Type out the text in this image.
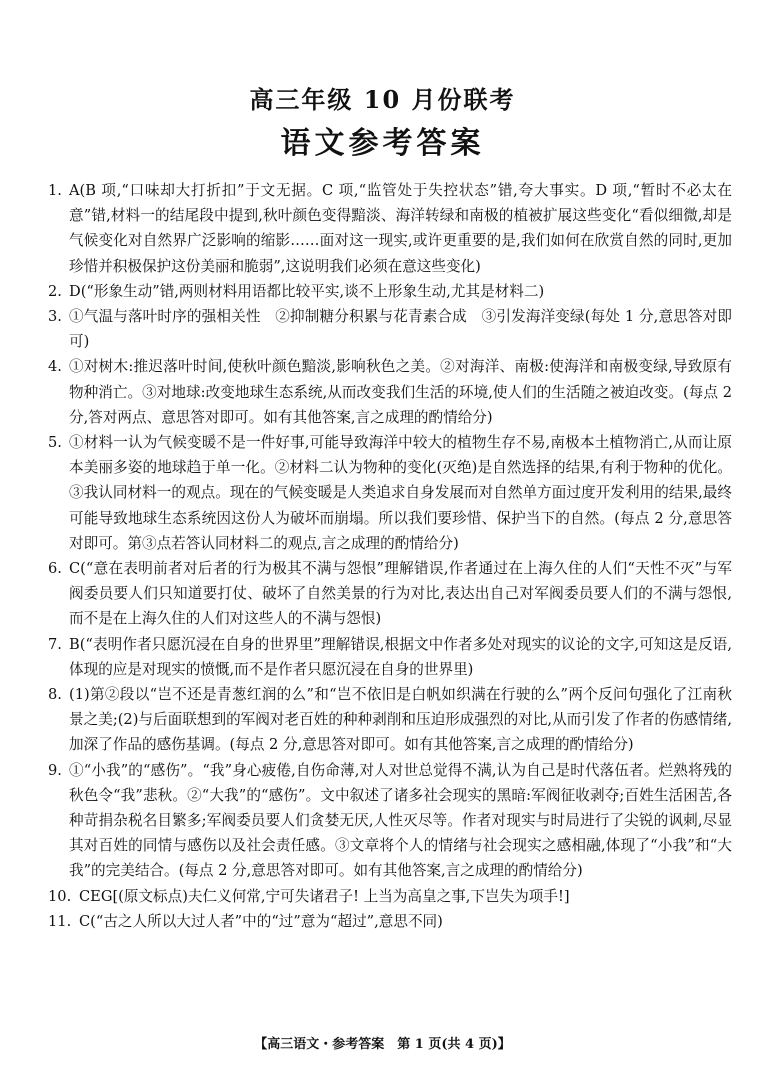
高三年级 10 月份联考
语文参考答案
1. A(B 项,“口味却大打折扣”于文无据。C 项,“监管处于失控状态”错,夸大事实。D 项,“暂时不必太在意”错,材料一的结尾段中提到,秋叶颜色变得黯淡、海洋转绿和南极的植被扩展这些变化“看似细微,却是气候变化对自然界广泛影响的缩影……面对这一现实,或许更重要的是,我们如何在欣赏自然的同时,更加珍惜并积极保护这份美丽和脆弱”,这说明我们必须在意这些变化)
2. D(“形象生动”错,两则材料用语都比较平实,谈不上形象生动,尤其是材料二)
3. ①气温与落叶时序的强相关性　②抑制糖分积累与花青素合成　③引发海洋变绿(每处 1 分,意思答对即可)
4. ①对树木:推迟落叶时间,使秋叶颜色黯淡,影响秋色之美。②对海洋、南极:使海洋和南极变绿,导致原有物种消亡。③对地球:改变地球生态系统,从而改变我们生活的环境,使人们的生活随之被迫改变。(每点 2 分,答对两点、意思答对即可。如有其他答案,言之成理的酌情给分)
5. ①材料一认为气候变暖不是一件好事,可能导致海洋中较大的植物生存不易,南极本土植物消亡,从而让原本美丽多姿的地球趋于单一化。②材料二认为物种的变化(灭绝)是自然选择的结果,有利于物种的优化。③我认同材料一的观点。现在的气候变暖是人类追求自身发展而对自然单方面过度开发利用的结果,最终可能导致地球生态系统因这份人为破坏而崩塌。所以我们要珍惜、保护当下的自然。(每点 2 分,意思答对即可。第③点若答认同材料二的观点,言之成理的酌情给分)
6. C(“意在表明前者对后者的行为极其不满与怨恨”理解错误,作者通过在上海久住的人们“天性不灭”与军阀委员要人们只知道要打仗、破坏了自然美景的行为对比,表达出自己对军阀委员要人们的不满与怨恨,而不是在上海久住的人们对这些人的不满与怨恨)
7. B(“表明作者只愿沉浸在自身的世界里”理解错误,根据文中作者多处对现实的议论的文字,可知这是反语,体现的应是对现实的愤慨,而不是作者只愿沉浸在自身的世界里)
8. (1)第②段以“岂不还是青葱红润的么”和“岂不依旧是白帆如织满在行驶的么”两个反问句强化了江南秋景之美;(2)与后面联想到的军阀对老百姓的种种剥削和压迫形成强烈的对比,从而引发了作者的伤感情绪,加深了作品的感伤基调。(每点 2 分,意思答对即可。如有其他答案,言之成理的酌情给分)
9. ①“小我”的“感伤”。“我”身心疲倦,自伤命薄,对人对世总觉得不满,认为自己是时代落伍者。烂熟将残的秋色令“我”悲秋。②“大我”的“感伤”。文中叙述了诸多社会现实的黑暗:军阀征收剥夺;百姓生活困苦,各种苛捐杂税名目繁多;军阀委员要人们贪婪无厌,人性灭尽等。作者对现实与时局进行了尖锐的讽刺,尽显其对百姓的同情与感伤以及社会责任感。③文章将个人的情绪与社会现实之感相融,体现了“小我”和“大我”的完美结合。(每点 2 分,意思答对即可。如有其他答案,言之成理的酌情给分)
10. CEG[(原文标点)夫仁义何常,宁可失诸君子! 上当为高皇之事,下岂失为项手!]
11. C(“古之人所以大过人者”中的“过”意为“超过”,意思不同)

【高三语文・参考答案　第 1 页(共 4 页)】
